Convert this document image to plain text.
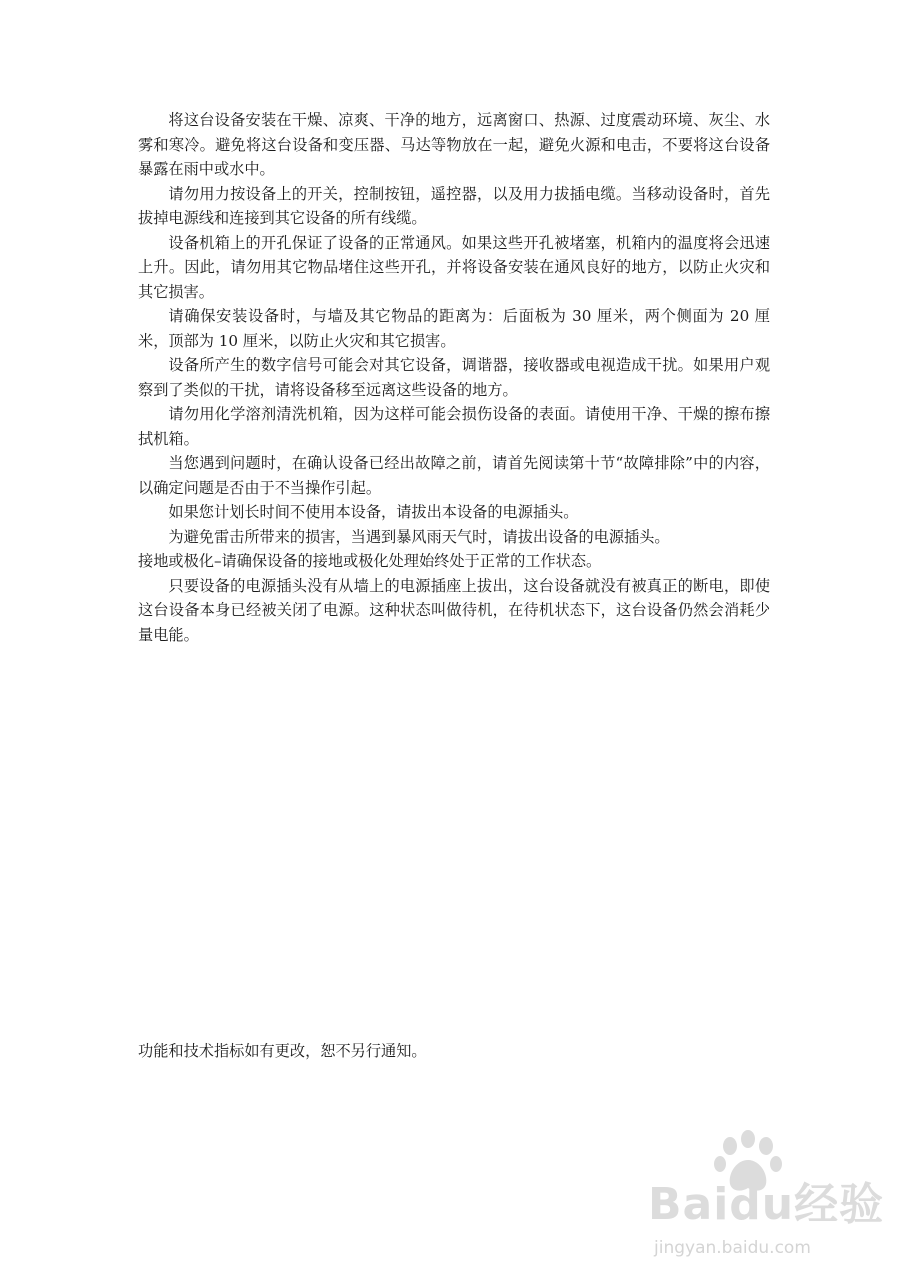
将这台设备安装在干燥、凉爽、干净的地方，远离窗口、热源、过度震动环境、灰尘、水雾和寒冷。避免将这台设备和变压器、马达等物放在一起，避免火源和电击，不要将这台设备暴露在雨中或水中。

请勿用力按设备上的开关，控制按钮，遥控器，以及用力拔插电缆。当移动设备时，首先拔掉电源线和连接到其它设备的所有线缆。

设备机箱上的开孔保证了设备的正常通风。如果这些开孔被堵塞，机箱内的温度将会迅速上升。因此，请勿用其它物品堵住这些开孔，并将设备安装在通风良好的地方，以防止火灾和其它损害。

请确保安装设备时，与墙及其它物品的距离为：后面板为 30 厘米，两个侧面为 20 厘米，顶部为 10 厘米，以防止火灾和其它损害。

设备所产生的数字信号可能会对其它设备，调谐器，接收器或电视造成干扰。如果用户观察到了类似的干扰，请将设备移至远离这些设备的地方。

请勿用化学溶剂清洗机箱，因为这样可能会损伤设备的表面。请使用干净、干燥的擦布擦拭机箱。

当您遇到问题时，在确认设备已经出故障之前，请首先阅读第十节“故障排除”中的内容，以确定问题是否由于不当操作引起。

如果您计划长时间不使用本设备，请拔出本设备的电源插头。

为避免雷击所带来的损害，当遇到暴风雨天气时，请拔出设备的电源插头。

接地或极化–请确保设备的接地或极化处理始终处于正常的工作状态。

只要设备的电源插头没有从墙上的电源插座上拔出，这台设备就没有被真正的断电，即使这台设备本身已经被关闭了电源。这种状态叫做待机，在待机状态下，这台设备仍然会消耗少量电能。

功能和技术指标如有更改，恕不另行通知。

Baidu经验
jingyan.baidu.com
